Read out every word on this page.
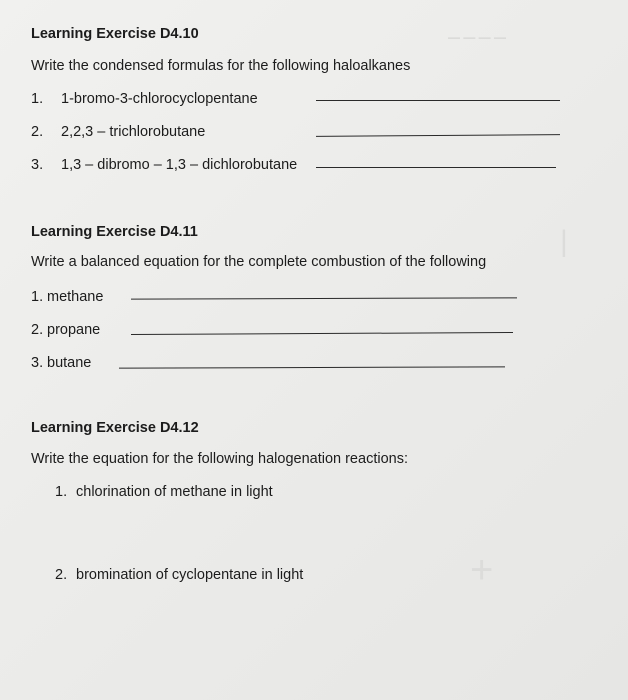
— — — —
|
+
Learning Exercise D4.10
Write the condensed formulas for the following haloalkanes
1. 1-bromo-3-chlorocyclopentane
2. 2,2,3 – trichlorobutane
3. 1,3 – dibromo – 1,3 – dichlorobutane
Learning Exercise D4.11
Write a balanced equation for the complete combustion of the following
1. methane
2. propane
3. butane
Learning Exercise D4.12
Write the equation for the following halogenation reactions:
1. chlorination of methane in light
2. bromination of cyclopentane in light
